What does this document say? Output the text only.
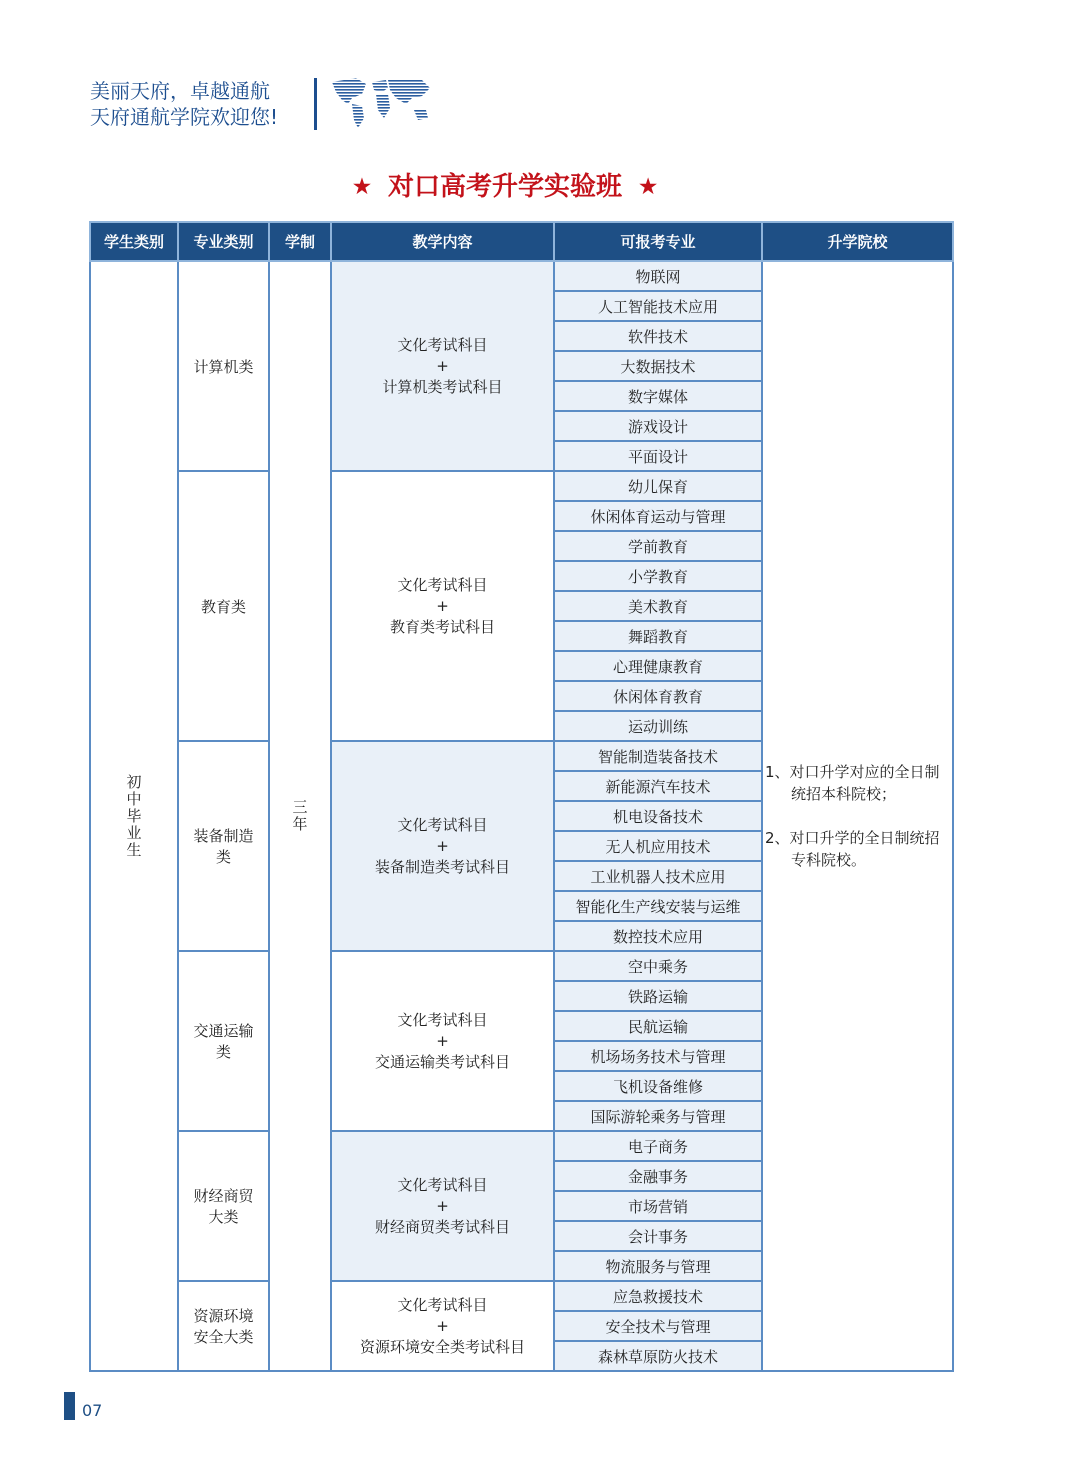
美丽天府，卓越通航
天府通航学院欢迎您!
★ 对口高考升学实验班 ★
学生类别	专业类别	学制	教学内容	可报考专业	升学院校
初中毕业生	计算机类	三年	文化考试科目
+
计算机类考试科目	物联网	1、对口升学对应的全日制统招本科院校；
2、对口升学的全日制统招专科院校。

				人工智能技术应用	
				软件技术	
				大数据技术	
				数字媒体	
				游戏设计	
				平面设计	
	教育类		文化考试科目
+
教育类考试科目	幼儿保育	
				休闲体育运动与管理	
				学前教育	
				小学教育	
				美术教育	
				舞蹈教育	
				心理健康教育	
				休闲体育教育	
				运动训练	
	装备制造类		文化考试科目
+
装备制造类考试科目	智能制造装备技术	
				新能源汽车技术	
				机电设备技术	
				无人机应用技术	
				工业机器人技术应用	
				智能化生产线安装与运维	
				数控技术应用	
	交通运输类		文化考试科目
+
交通运输类考试科目	空中乘务	
				铁路运输	
				民航运输	
				机场场务技术与管理	
				飞机设备维修	
				国际游轮乘务与管理	
	财经商贸大类		文化考试科目
+
财经商贸类考试科目	电子商务	
				金融事务	
				市场营销	
				会计事务	
				物流服务与管理	
	资源环境安全大类		文化考试科目
+
资源环境安全类考试科目	应急救援技术	
				安全技术与管理	
				森林草原防火技术	
07
